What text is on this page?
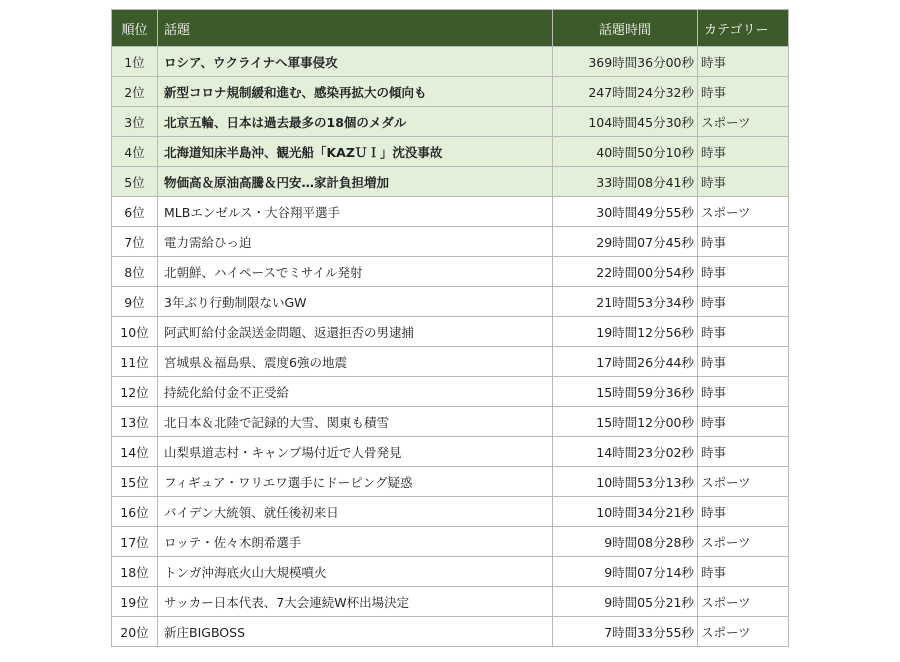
順位	話題	話題時間	カテゴリー
1位	ロシア、ウクライナへ軍事侵攻	369時間36分00秒	時事
2位	新型コロナ規制緩和進む、感染再拡大の傾向も	247時間24分32秒	時事
3位	北京五輪、日本は過去最多の18個のメダル	104時間45分30秒	スポーツ
4位	北海道知床半島沖、観光船「KAZＵＩ」沈没事故	40時間50分10秒	時事
5位	物価高＆原油高騰＆円安…家計負担増加	33時間08分41秒	時事
6位	MLBエンゼルス・大谷翔平選手	30時間49分55秒	スポーツ
7位	電力需給ひっ迫	29時間07分45秒	時事
8位	北朝鮮、ハイペースでミサイル発射	22時間00分54秒	時事
9位	3年ぶり行動制限ないGW	21時間53分34秒	時事
10位	阿武町給付金誤送金問題、返還拒否の男逮捕	19時間12分56秒	時事
11位	宮城県＆福島県、震度6強の地震	17時間26分44秒	時事
12位	持続化給付金不正受給	15時間59分36秒	時事
13位	北日本＆北陸で記録的大雪、関東も積雪	15時間12分00秒	時事
14位	山梨県道志村・キャンプ場付近で人骨発見	14時間23分02秒	時事
15位	フィギュア・ワリエワ選手にドーピング疑惑	10時間53分13秒	スポーツ
16位	バイデン大統領、就任後初来日	10時間34分21秒	時事
17位	ロッテ・佐々木朗希選手	9時間08分28秒	スポーツ
18位	トンガ沖海底火山大規模噴火	9時間07分14秒	時事
19位	サッカー日本代表、7大会連続W杯出場決定	9時間05分21秒	スポーツ
20位	新庄BIGBOSS	7時間33分55秒	スポーツ
